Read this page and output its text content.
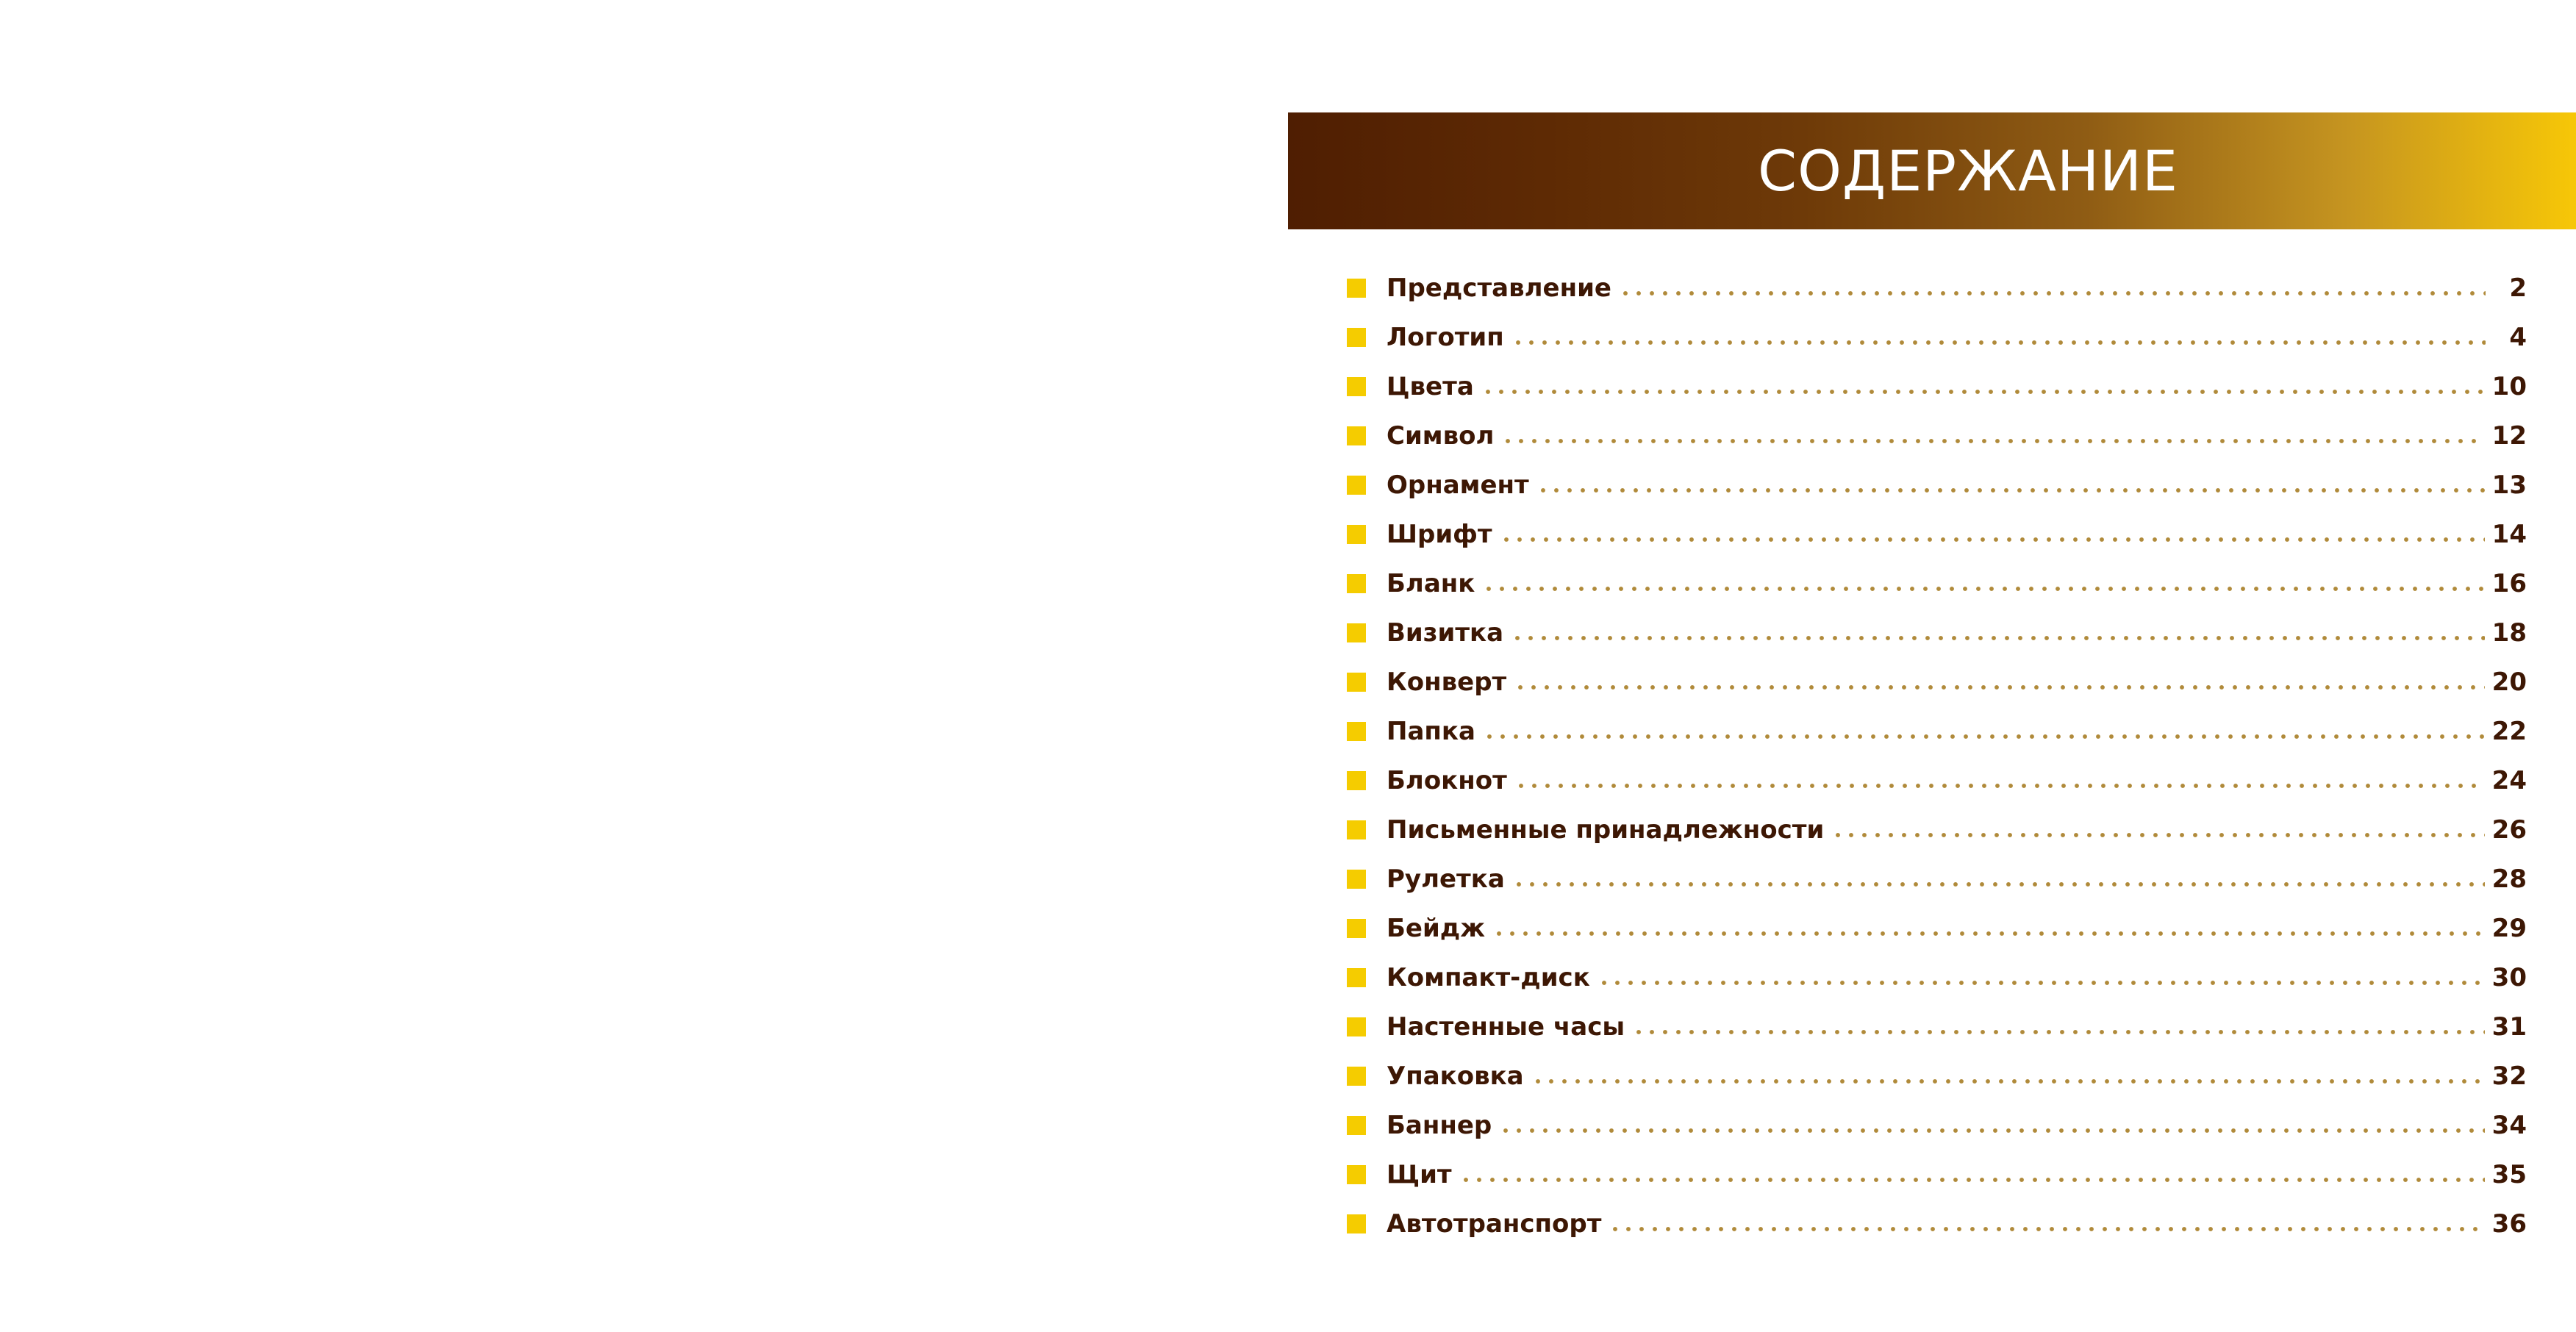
СОДЕРЖАНИЕ
Представление	2
Логотип	4
Цвета	10
Символ	12
Орнамент	13
Шрифт	14
Бланк	16
Визитка	18
Конверт	20
Папка	22
Блокнот	24
Письменные принадлежности	26
Рулетка	28
Бейдж	29
Компакт-диск	30
Настенные часы	31
Упаковка	32
Баннер	34
Щит	35
Автотранспорт	36
